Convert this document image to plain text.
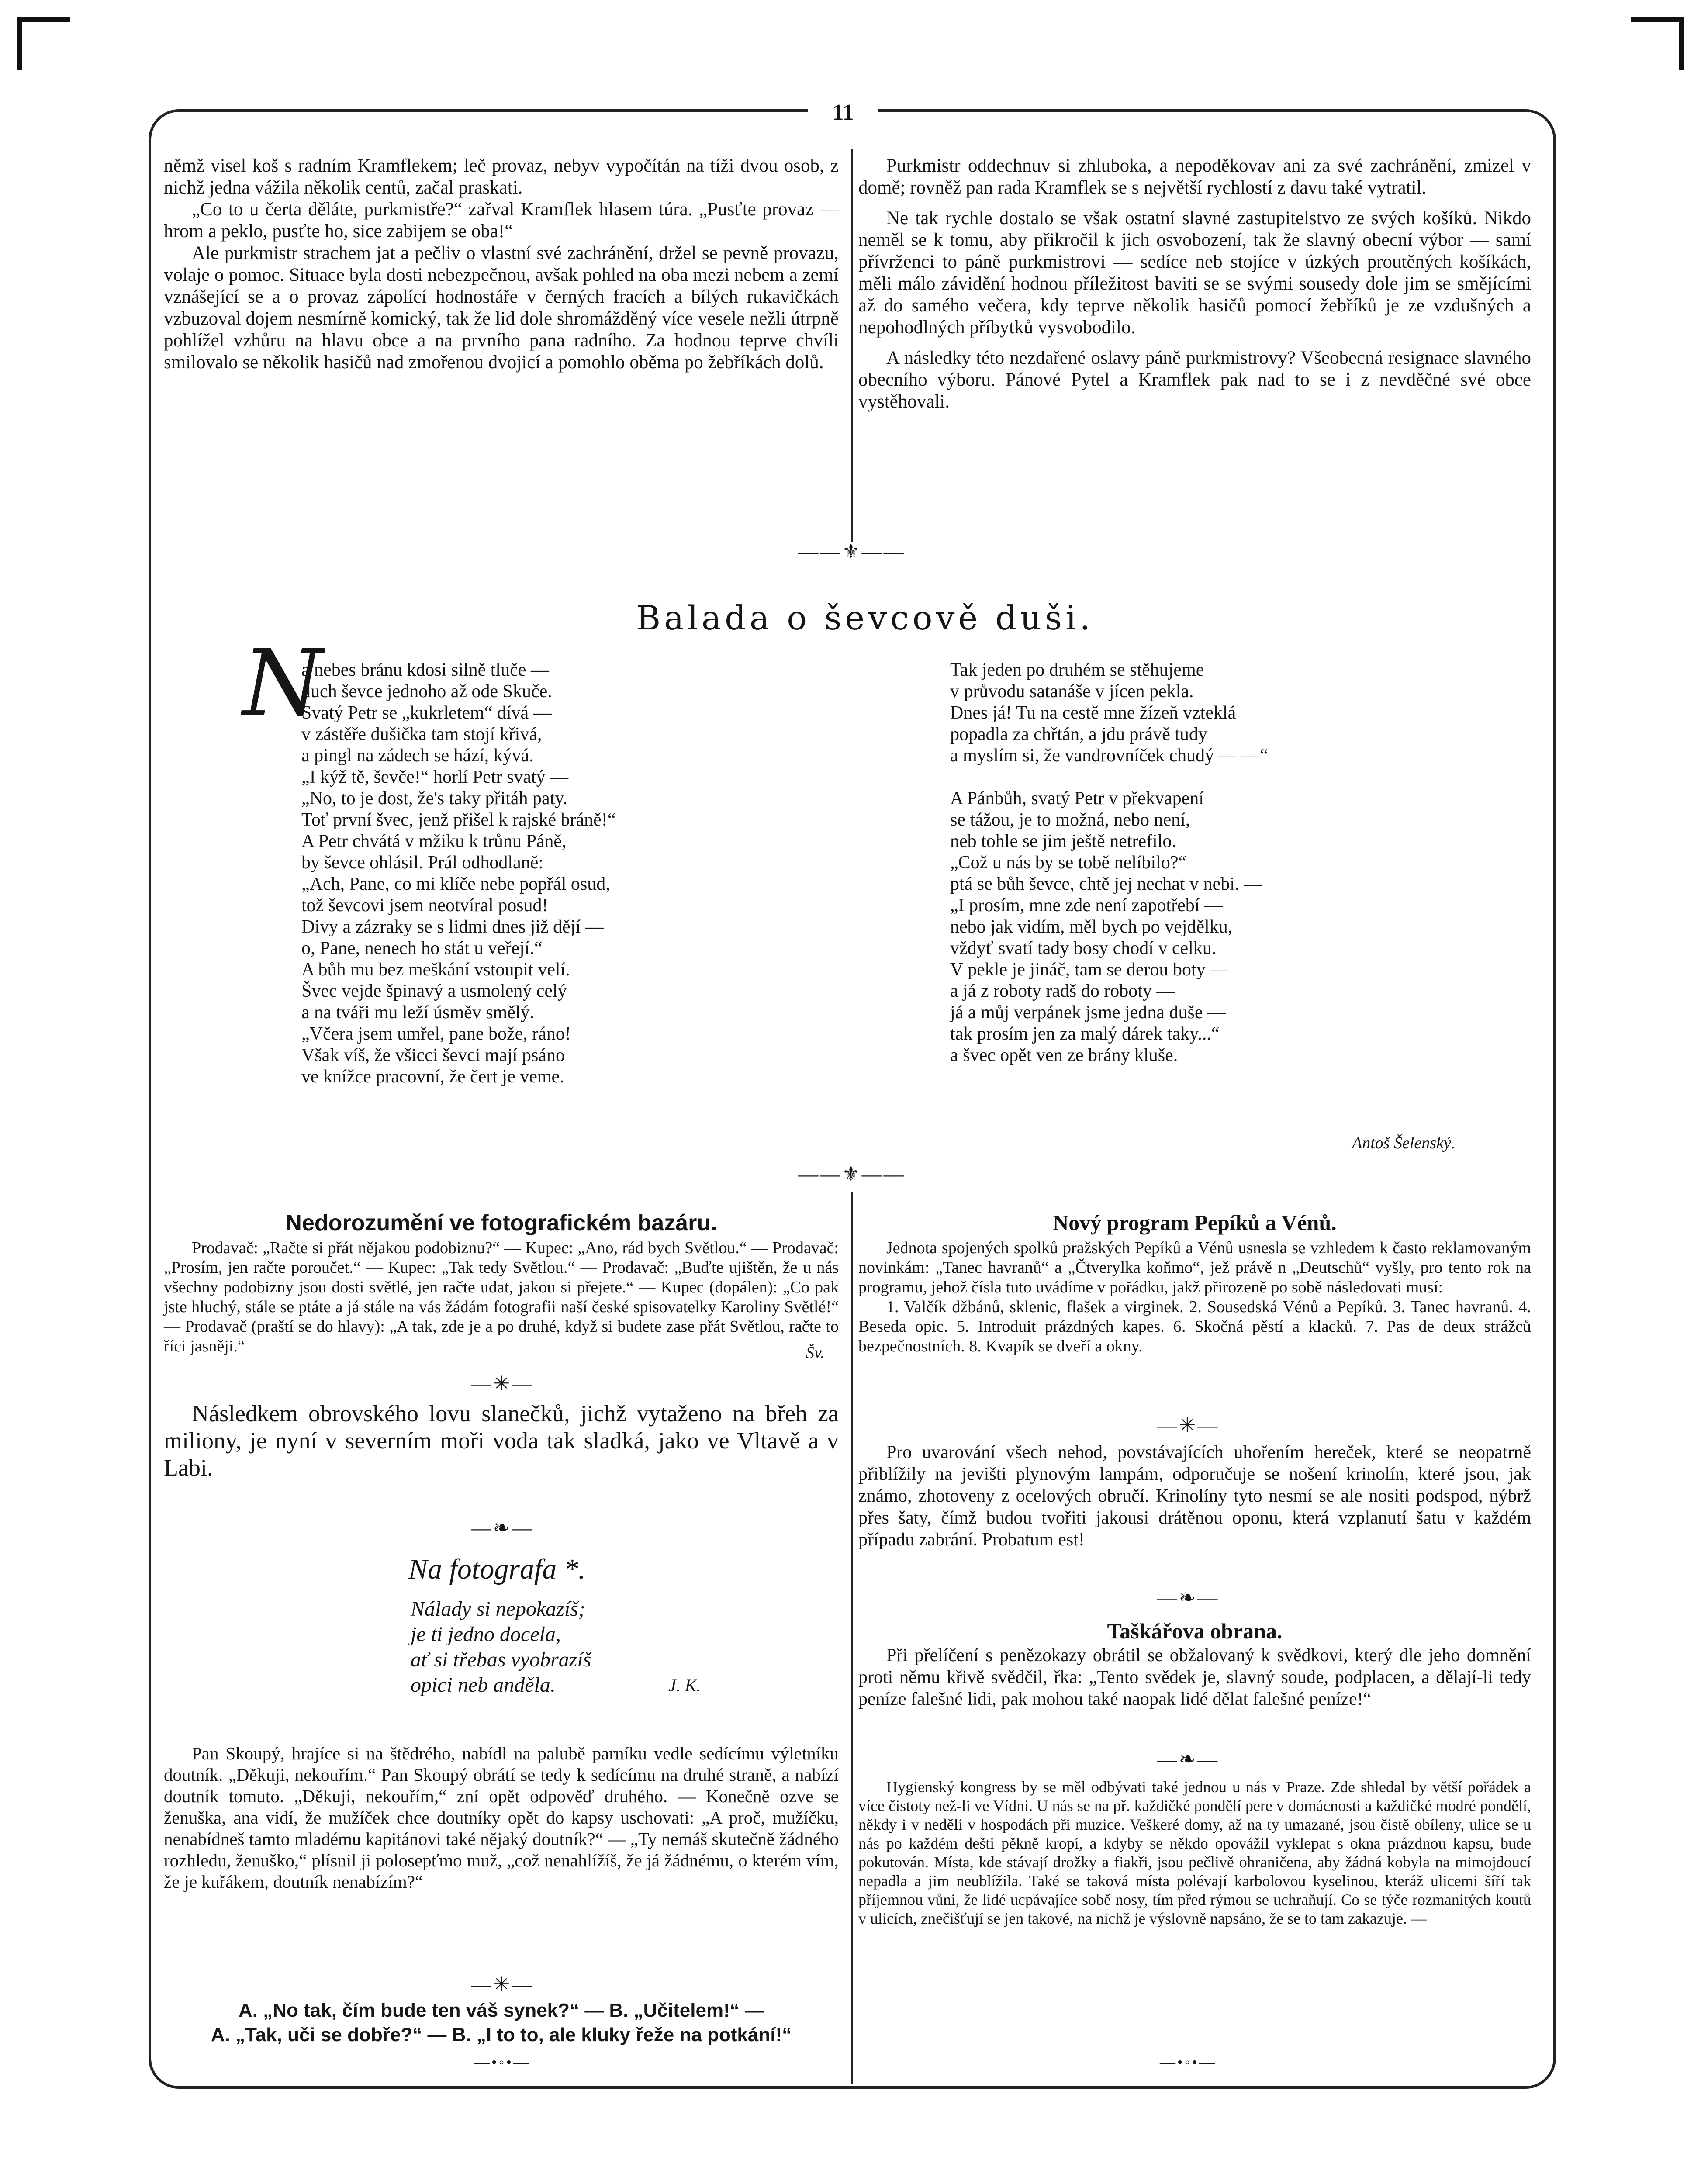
11

němž visel koš s radním Kramflekem; leč provaz, nebyv vypočítán na tíži dvou osob, z nichž jedna vážila několik centů, začal praskati.

„Co to u čerta děláte, purkmistře?“ zařval Kramflek hlasem túra. „Pusťte provaz — hrom a peklo, pusťte ho, sice zabijem se oba!“

Ale purkmistr strachem jat a pečliv o vlastní své zachránění, držel se pevně provazu, volaje o pomoc. Situace byla dosti nebezpečnou, avšak pohled na oba mezi nebem a zemí vznášející se a o provaz zápolící hodnostáře v černých fracích a bílých rukavičkách vzbuzoval dojem nesmírně komický, tak že lid dole shromážděný více vesele nežli útrpně pohlížel vzhůru na hlavu obce a na prvního pana radního. Za hodnou teprve chvíli smilovalo se několik hasičů nad zmořenou dvojicí a pomohlo oběma po žebříkách dolů.

Purkmistr oddechnuv si zhluboka, a nepoděkovav ani za své zachránění, zmizel v domě; rovněž pan rada Kramflek se s největší rychlostí z davu také vytratil.

Ne tak rychle dostalo se však ostatní slavné zastupitelstvo ze svých košíků. Nikdo neměl se k tomu, aby přikročil k jich osvobození, tak že slavný obecní výbor — samí přívrženci to páně purkmistrovi — sedíce neb stojíce v úzkých proutěných košíkách, měli málo závidění hodnou příležitost baviti se se svými sousedy dole jim se smějícími až do samého večera, kdy teprve několik hasičů pomocí žebříků je ze vzdušných a nepohodlných příbytků vysvobodilo.

A následky této nezdařené oslavy páně purkmistrovy? Všeobecná resignace slavného obecního výboru. Pánové Pytel a Kramflek pak nad to se i z nevděčné své obce vystěhovali.

——⚜——
Balada o ševcově duši.
N
a nebes bránu kdosi silně tluče —
duch ševce jednoho až ode Skuče.
Svatý Petr se „kukrletem“ dívá —
v zástěře dušička tam stojí křivá,
a pingl na zádech se hází, kývá.
„I kýž tě, ševče!“ horlí Petr svatý —
„No, to je dost, že's taky přitáh paty.
Toť první švec, jenž přišel k rajské bráně!“
A Petr chvátá v mžiku k trůnu Páně,
by ševce ohlásil. Prál odhodlaně:
„Ach, Pane, co mi klíče nebe popřál osud,
tož ševcovi jsem neotvíral posud!
Divy a zázraky se s lidmi dnes již dějí —
o, Pane, nenech ho stát u veřejí.“
A bůh mu bez meškání vstoupit velí.
Švec vejde špinavý a usmolený celý
a na tváři mu leží úsměv smělý.
„Včera jsem umřel, pane bože, ráno!
Však víš, že všicci ševci mají psáno
ve knížce pracovní, že čert je veme.
Tak jeden po druhém se stěhujeme
v průvodu satanáše v jícen pekla.
Dnes já! Tu na cestě mne žízeň vzteklá
popadla za chřtán, a jdu právě tudy
a myslím si, že vandrovníček chudý — —“

A Pánbůh, svatý Petr v překvapení
se tážou, je to možná, nebo není,
neb tohle se jim ještě netrefilo.
„Což u nás by se tobě nelíbilo?“
ptá se bůh ševce, chtě jej nechat v nebi. —
„I prosím, mne zde není zapotřebí —
nebo jak vidím, měl bych po vejdělku,
vždyť svatí tady bosy chodí v celku.
V pekle je jináč, tam se derou boty —
a já z roboty radš do roboty —
já a můj verpánek jsme jedna duše —
tak prosím jen za malý dárek taky...“
a švec opět ven ze brány kluše.
Antoš Šelenský.
——⚜——
Nedorozumění ve fotografickém bazáru.

Prodavač: „Račte si přát nějakou podobiznu?“ — Kupec: „Ano, rád bych Světlou.“ — Prodavač: „Prosím, jen račte poroučet.“ — Kupec: „Tak tedy Světlou.“ — Prodavač: „Buďte ujištěn, že u nás všechny podobizny jsou dosti světlé, jen račte udat, jakou si přejete.“ — Kupec (dopálen): „Co pak jste hluchý, stále se ptáte a já stále na vás žádám fotografii naší české spisovatelky Karoliny Světlé!“ — Prodavač (praští se do hlavy): „A tak, zde je a po druhé, když si budete zase přát Světlou, račte to říci jasněji.“	Šv.
—✳—

Následkem obrovského lovu slanečků, jichž vytaženo na břeh za miliony, je nyní v severním moři voda tak sladká, jako ve Vltavě a v Labi.

—❧—
Na fotografa *.
Nálady si nepokazíš;
je ti jedno docela,
ať si třebas vyobrazíš
opici neb anděla.	J. K.

Pan Skoupý, hrajíce si na štědrého, nabídl na palubě parníku vedle sedícímu výletníku doutník. „Děkuji, nekouřím.“ Pan Skoupý obrátí se tedy k sedícímu na druhé straně, a nabízí doutník tomuto. „Děkuji, nekouřím,“ zní opět odpověď druhého. — Konečně ozve se ženuška, ana vidí, že mužíček chce doutníky opět do kapsy uschovati: „A proč, mužíčku, nenabídneš tamto mladému kapitánovi také nějaký doutník?“ — „Ty nemáš skutečně žádného rozhledu, ženuško,“ plísnil ji polosepťmo muž, „což nenahlížíš, že já žádnému, o kterém vím, že je kuřákem, doutník nenabízím?“

—✳—
A. „No tak, čím bude ten váš synek?“ — B. „Učitelem!“ —
A. „Tak, uči se dobře?“ — B. „I to to, ale kluky řeže na potkání!“
—•◦•—
Nový program Pepíků a Vénů.

Jednota spojených spolků pražských Pepíků a Vénů usnesla se vzhledem k často reklamovaným novinkám: „Tanec havranů“ a „Čtverylka koňmo“, jež právě n „Deutschů“ vyšly, pro tento rok na programu, jehož čísla tuto uvádíme v pořádku, jakž přirozeně po sobě následovati musí:

1. Valčík džbánů, sklenic, flašek a virginek. 2. Sousedská Vénů a Pepíků. 3. Tanec havranů. 4. Beseda opic. 5. Introduit prázdných kapes. 6. Skočná pěstí a klacků. 7. Pas de deux strážců bezpečnostních. 8. Kvapík se dveří a okny.

—✳—

Pro uvarování všech nehod, povstávajících uhořením hereček, které se neopatrně přiblížily na jevišti plynovým lampám, odporučuje se nošení krinolín, které jsou, jak známo, zhotoveny z ocelových obručí. Krinolíny tyto nesmí se ale nositi podspod, nýbrž přes šaty, čímž budou tvořiti jakousi drátěnou oponu, která vzplanutí šatu v každém případu zabrání. Probatum est!

—❧—
Taškářova obrana.

Při přelíčení s penězokazy obrátil se obžalovaný k svědkovi, který dle jeho domnění proti němu křivě svědčil, řka: „Tento svědek je, slavný soude, podplacen, a dělají-li tedy peníze falešné lidi, pak mohou také naopak lidé dělat falešné peníze!“

—❧—

Hygienský kongress by se měl odbývati také jednou u nás v Praze. Zde shledal by větší pořádek a více čistoty než-li ve Vídni. U nás se na př. každičké pondělí pere v domácnosti a každičké modré pondělí, někdy i v neděli v hospodách při muzice. Veškeré domy, až na ty umazané, jsou čistě obíleny, ulice se u nás po každém dešti pěkně kropí, a kdyby se někdo opovážil vyklepat s okna prázdnou kapsu, bude pokutován. Místa, kde stávají drožky a fiakři, jsou pečlivě ohraničena, aby žádná kobyla na mimojdoucí nepadla a jim neublížila. Také se taková místa polévají karbolovou kyselinou, kteráž ulicemi šíří tak příjemnou vůni, že lidé ucpávajíce sobě nosy, tím před rýmou se uchraňují. Co se týče rozmanitých koutů v ulicích, znečišťují se jen takové, na nichž je výslovně napsáno, že se to tam zakazuje. —

—•◦•—
